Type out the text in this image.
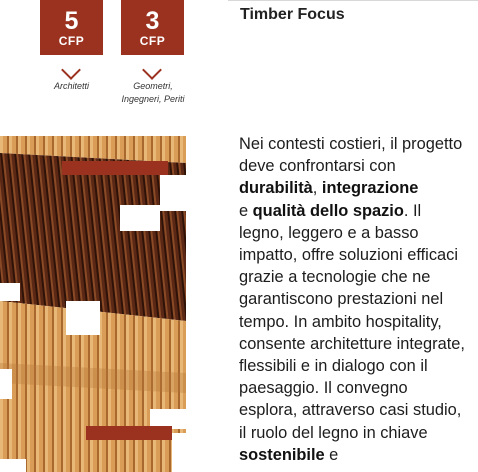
5
CFP
Architetti
3
CFP
Geometri,
Ingegneri, Periti
Timber Focus
Nei contesti costieri, il progetto deve confrontarsi con durabilità, integrazione
e qualità dello spazio. Il legno, leggero e a basso impatto, offre soluzioni efficaci grazie a tecnologie che ne garantiscono prestazioni nel tempo. In ambito hospitality, consente architetture integrate, flessibili e in dialogo con il paesaggio. Il convegno esplora, attraverso casi studio, il ruolo del legno in chiave sostenibile e
